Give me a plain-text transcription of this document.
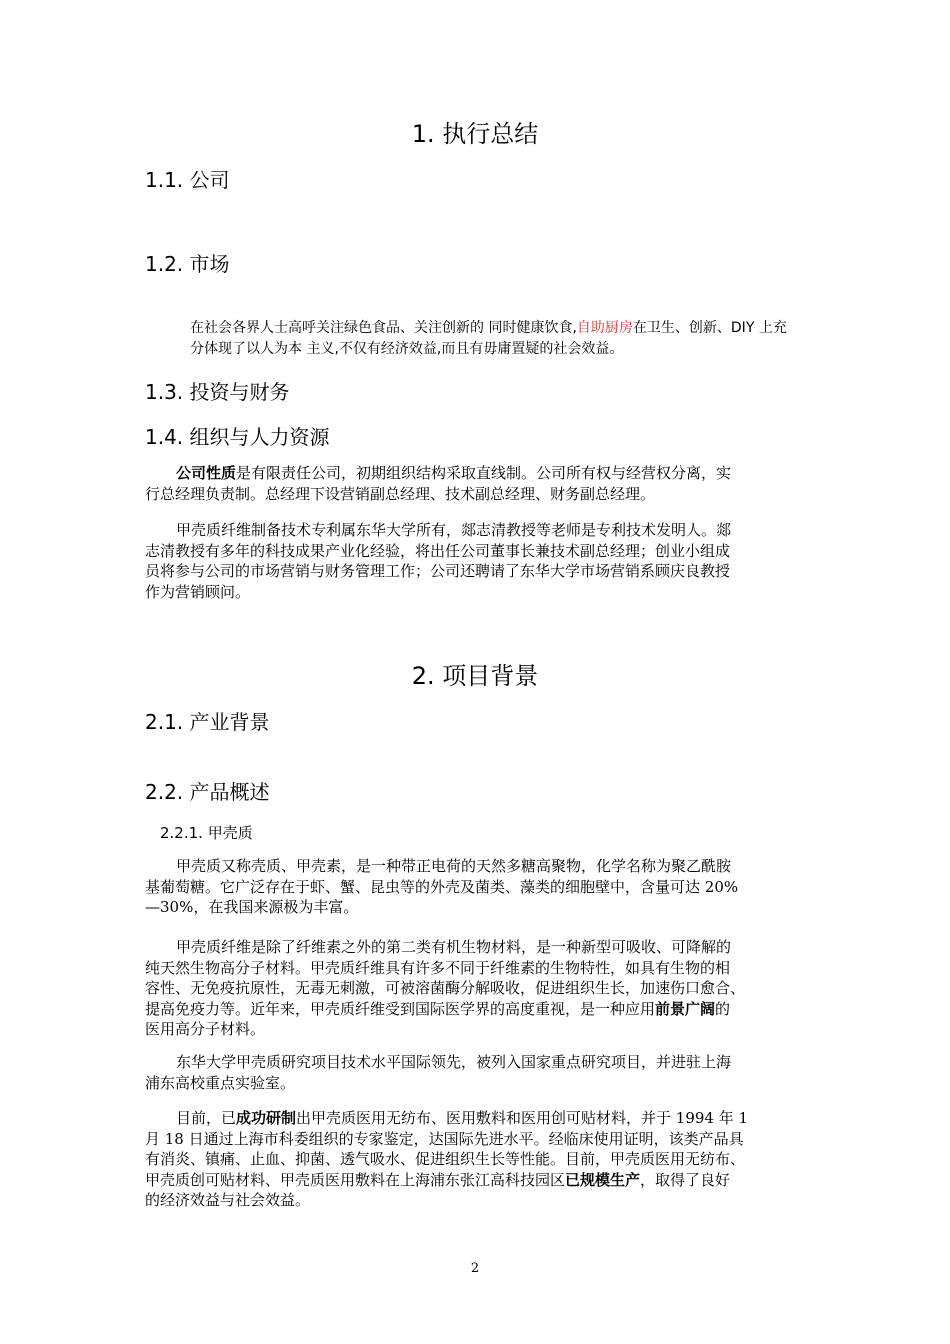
1. 执行总结
1.1. 公司
1.2. 市场
在社会各界人士高呼关注绿色食品、关注创新的 同时健康饮食,自助厨房在卫生、创新、DIY 上充
分体现了以人为本 主义,不仅有经济效益,而且有毋庸置疑的社会效益。
1.3. 投资与财务
1.4. 组织与人力资源
公司性质是有限责任公司，初期组织结构采取直线制。公司所有权与经营权分离，实
行总经理负责制。总经理下设营销副总经理、技术副总经理、财务副总经理。
甲壳质纤维制备技术专利属东华大学所有，郯志清教授等老师是专利技术发明人。郯
志清教授有多年的科技成果产业化经验，将出任公司董事长兼技术副总经理；创业小组成
员将参与公司的市场营销与财务管理工作；公司还聘请了东华大学市场营销系顾庆良教授
作为营销顾问。
2. 项目背景
2.1. 产业背景
2.2. 产品概述
2.2.1. 甲壳质
甲壳质又称壳质、甲壳素，是一种带正电荷的天然多糖高聚物，化学名称为聚乙酰胺
基葡萄糖。它广泛存在于虾、蟹、昆虫等的外壳及菌类、藻类的细胞壁中，含量可达 20%
—30%，在我国来源极为丰富。
甲壳质纤维是除了纤维素之外的第二类有机生物材料，是一种新型可吸收、可降解的
纯天然生物高分子材料。甲壳质纤维具有许多不同于纤维素的生物特性，如具有生物的相
容性、无免疫抗原性，无毒无刺激，可被溶菌酶分解吸收，促进组织生长，加速伤口愈合、
提高免疫力等。近年来，甲壳质纤维受到国际医学界的高度重视，是一种应用前景广阔的
医用高分子材料。
东华大学甲壳质研究项目技术水平国际领先，被列入国家重点研究项目，并进驻上海
浦东高校重点实验室。
目前，已成功研制出甲壳质医用无纺布、医用敷料和医用创可贴材料，并于 1994 年 1
月 18 日通过上海市科委组织的专家鉴定，达国际先进水平。经临床使用证明，该类产品具
有消炎、镇痛、止血、抑菌、透气吸水、促进组织生长等性能。目前，甲壳质医用无纺布、
甲壳质创可贴材料、甲壳质医用敷料在上海浦东张江高科技园区已规模生产，取得了良好
的经济效益与社会效益。
2
